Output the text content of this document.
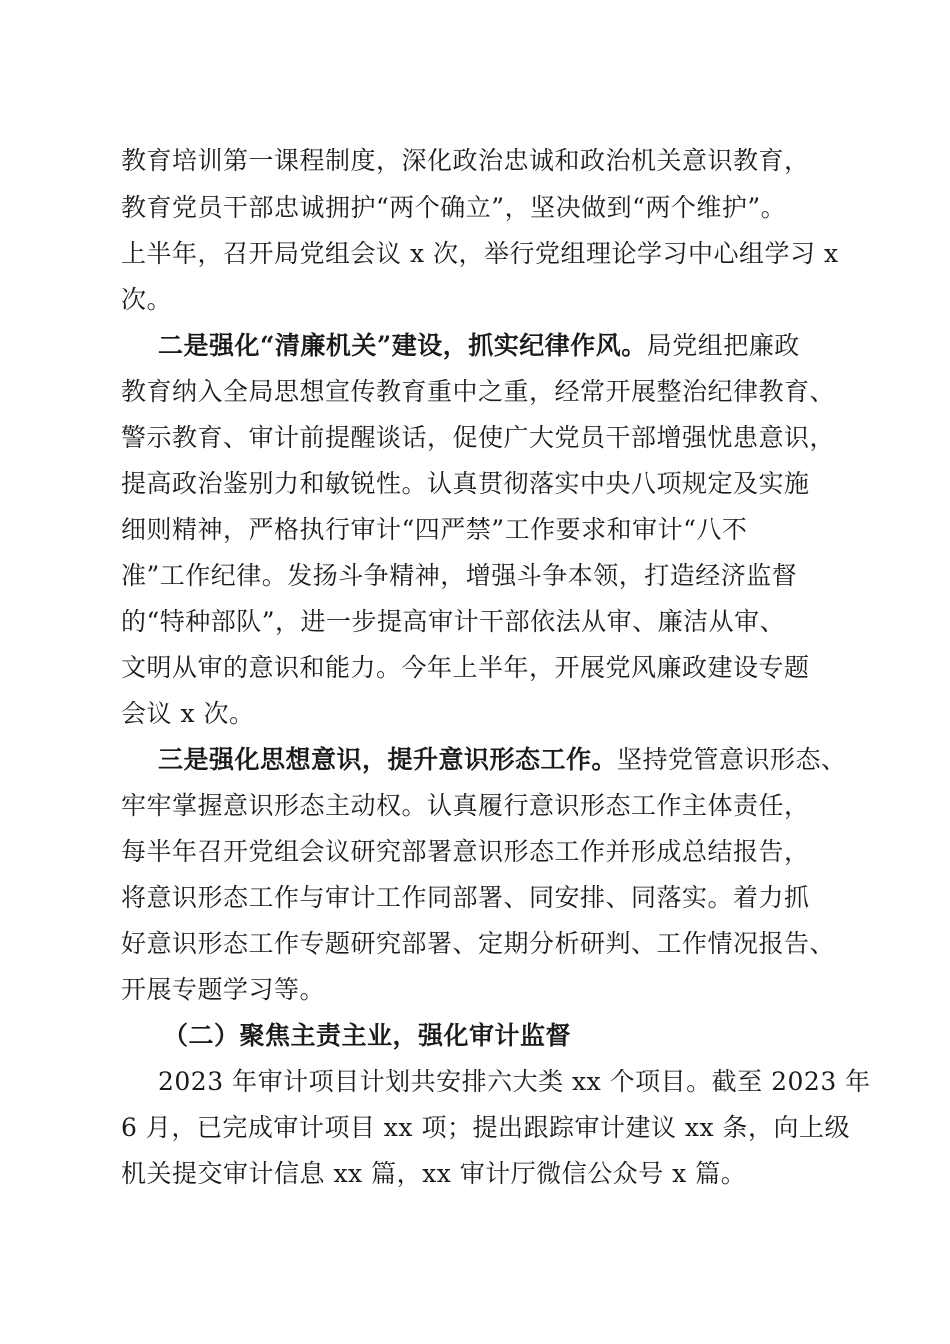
教育培训第一课程制度，深化政治忠诚和政治机关意识教育，
教育党员干部忠诚拥护“两个确立”，坚决做到“两个维护”。
上半年，召开局党组会议 x 次，举行党组理论学习中心组学习 x
次。
二是强化“清廉机关”建设，抓实纪律作风。局党组把廉政
教育纳入全局思想宣传教育重中之重，经常开展整治纪律教育、
警示教育、审计前提醒谈话，促使广大党员干部增强忧患意识，
提高政治鉴别力和敏锐性。认真贯彻落实中央八项规定及实施
细则精神，严格执行审计“四严禁”工作要求和审计“八不
准”工作纪律。发扬斗争精神，增强斗争本领，打造经济监督
的“特种部队”，进一步提高审计干部依法从审、廉洁从审、
文明从审的意识和能力。今年上半年，开展党风廉政建设专题
会议 x 次。
三是强化思想意识，提升意识形态工作。坚持党管意识形态、
牢牢掌握意识形态主动权。认真履行意识形态工作主体责任，
每半年召开党组会议研究部署意识形态工作并形成总结报告，
将意识形态工作与审计工作同部署、同安排、同落实。着力抓
好意识形态工作专题研究部署、定期分析研判、工作情况报告、
开展专题学习等。
（二）聚焦主责主业，强化审计监督
2023 年审计项目计划共安排六大类 xx 个项目。截至 2023 年
6 月，已完成审计项目 xx 项；提出跟踪审计建议 xx 条，向上级
机关提交审计信息 xx 篇，xx 审计厅微信公众号 x 篇。
